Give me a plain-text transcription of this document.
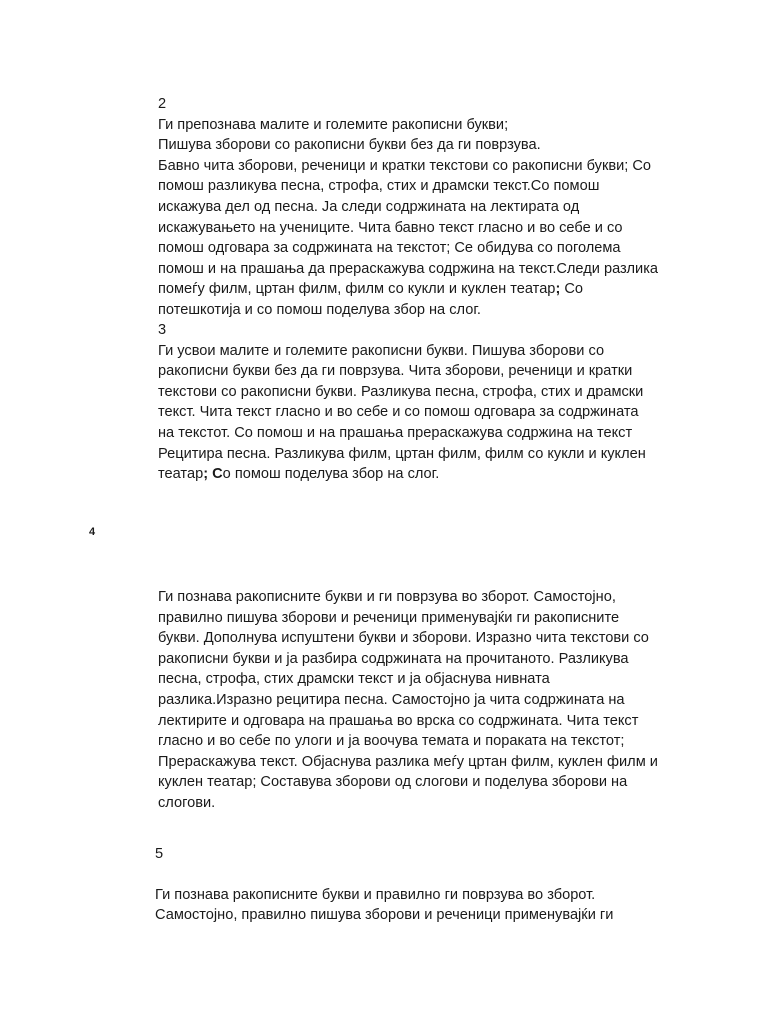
2
Ги препознава малите и големите ракописни букви;
Пишува зборови со ракописни букви без да ги поврзува.
Бавно чита зборови, реченици и кратки текстови со ракописни букви; Со
помош разликува песна, строфа, стих и драмски текст.Со помош
искажува дел од песна. Ја следи содржината на лектирата од
искажувањето на учениците. Чита бавно текст гласно и во себе и со
помош одговара за содржината на текстот; Се обидува со поголема
помош и на прашања да прераскажува содржина на текст.Следи разлика
помеѓу филм, цртан филм, филм со кукли и куклен театар; Со
потешкотија и со помош поделува збор на слог.
3
Ги усвои малите и големите ракописни букви. Пишува зборови со
ракописни букви без да ги поврзува. Чита зборови, реченици и кратки
текстови со ракописни букви. Разликува песна, строфа, стих и драмски
текст. Чита текст гласно и во себе и со помош одговара за содржината
на текстот. Со помош и на прашања прераскажува содржина на текст
Рецитира песна. Разликува филм, цртан филм, филм со кукли и куклен
театар; Со помош поделува збор на слог.
4
Ги познава ракописните букви и ги поврзува во зборот. Самостојно,
правилно пишува зборови и реченици применувајќи ги ракописните
букви. Дополнува испуштени букви и зборови. Изразно чита текстови со
ракописни букви и ја разбира содржината на прочитаното. Разликува
песна, строфа, стих драмски текст и ја објаснува нивната
разлика.Изразно рецитира песна. Самостојно ја чита содржината на
лектирите и одговара на прашања во врска со содржината. Чита текст
гласно и во себе по улоги и ја воочува темата и пораката на текстот;
Прераскажува текст. Објаснува разлика меѓу цртан филм, куклен филм и
куклен театар; Составува зборови од слогови и поделува зборови на
слогови.
5
Ги познава ракописните букви и правилно ги поврзува во зборот.
Самостојно, правилно пишува зборови и реченици применувајќи ги
